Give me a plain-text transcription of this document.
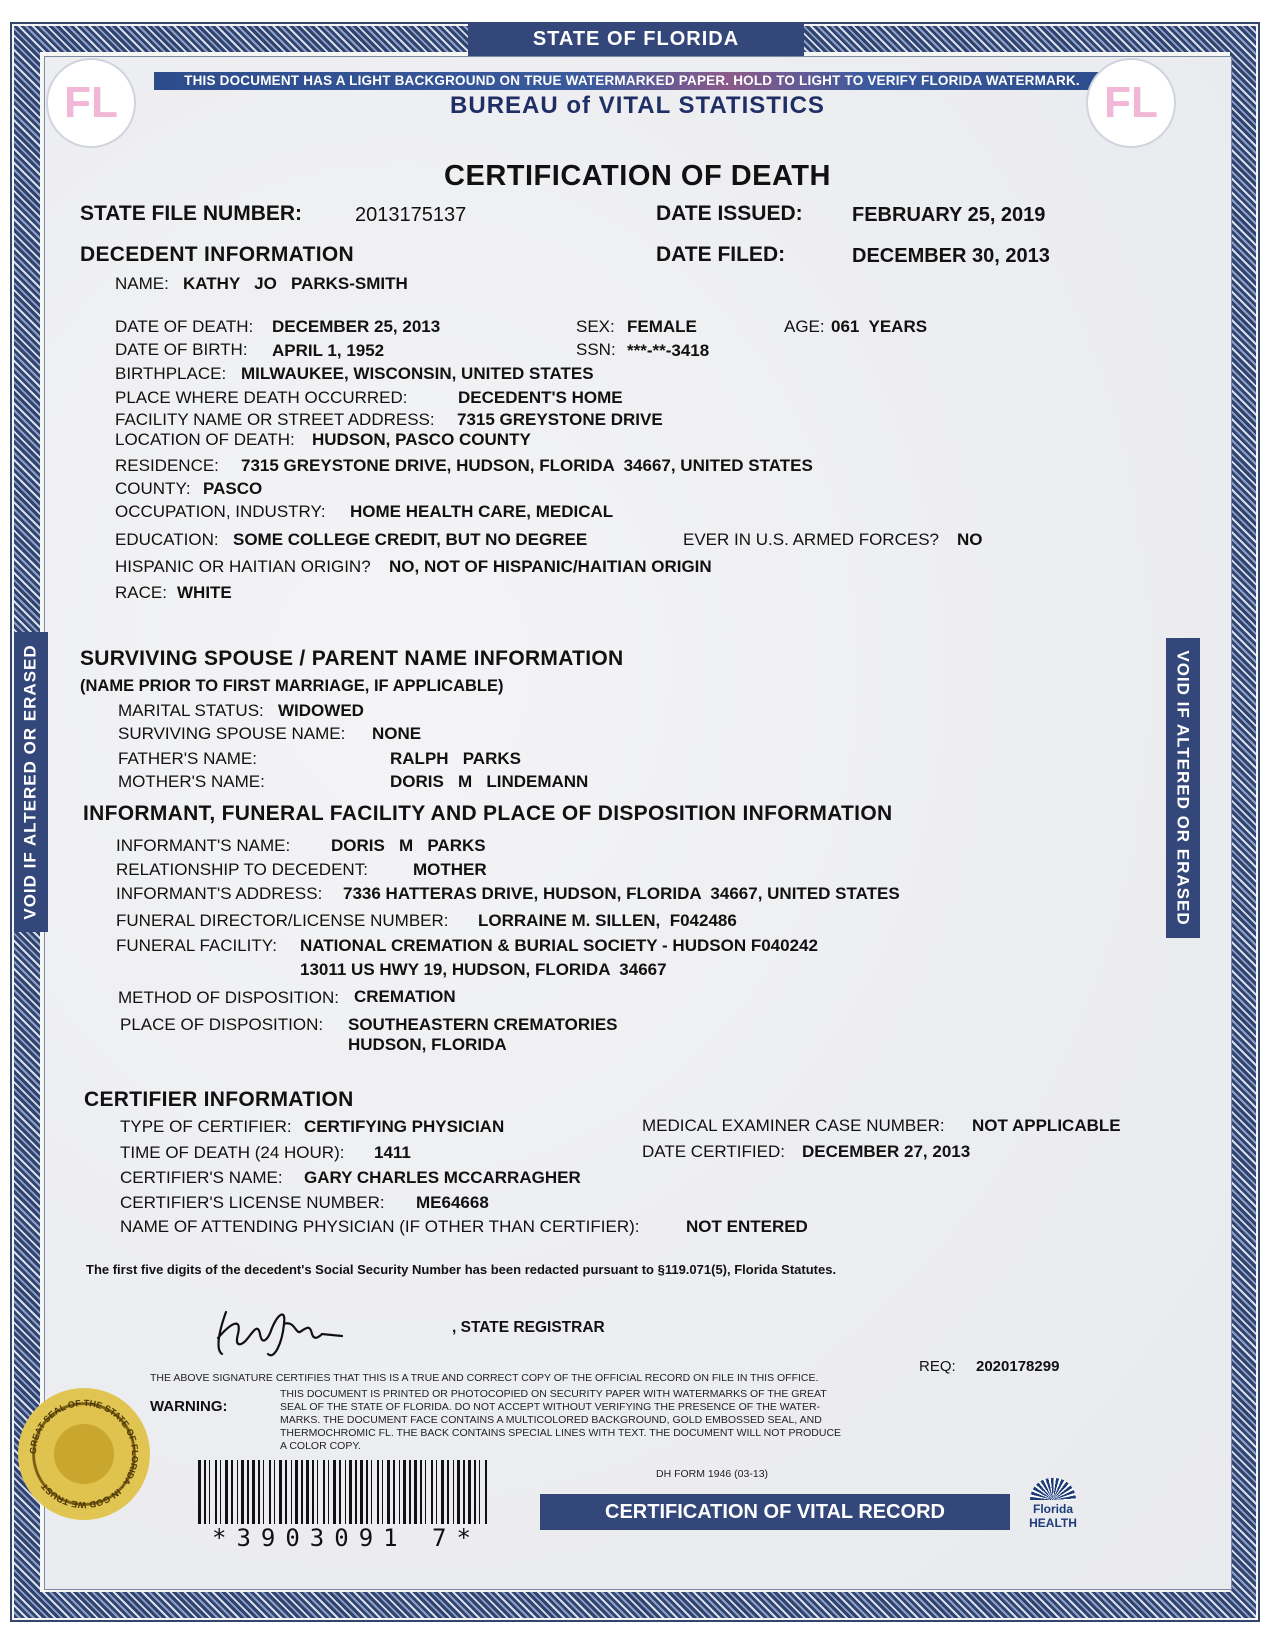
STATE OF FLORIDA
THIS DOCUMENT HAS A LIGHT BACKGROUND ON TRUE WATERMARKED PAPER. HOLD TO LIGHT TO VERIFY FLORIDA WATERMARK.
BUREAU of VITAL STATISTICS
FL	FL
CERTIFICATION OF DEATH
STATE FILE NUMBER:	2013175137	DATE ISSUED: FEBRUARY 25, 2019
DATE FILED:	DECEMBER 30, 2013
DECEDENT INFORMATION
NAME: KATHY   JO   PARKS-SMITH
DATE OF DEATH: DECEMBER 25, 2013	SEX: FEMALE	AGE: 061  YEARS
DATE OF BIRTH: APRIL 1, 1952	SSN: ***-**-3418
BIRTHPLACE: MILWAUKEE, WISCONSIN, UNITED STATES
PLACE WHERE DEATH OCCURRED:	DECEDENT'S HOME
FACILITY NAME OR STREET ADDRESS: 7315 GREYSTONE DRIVE
LOCATION OF DEATH: HUDSON, PASCO COUNTY
RESIDENCE: 7315 GREYSTONE DRIVE, HUDSON, FLORIDA  34667, UNITED STATES
COUNTY: PASCO
OCCUPATION, INDUSTRY: HOME HEALTH CARE, MEDICAL
EDUCATION: SOME COLLEGE CREDIT, BUT NO DEGREE	EVER IN U.S. ARMED FORCES? NO
HISPANIC OR HAITIAN ORIGIN? NO, NOT OF HISPANIC/HAITIAN ORIGIN
RACE: WHITE
SURVIVING SPOUSE / PARENT NAME INFORMATION
(NAME PRIOR TO FIRST MARRIAGE, IF APPLICABLE)
MARITAL STATUS: WIDOWED
SURVIVING SPOUSE NAME: NONE
FATHER'S NAME:	RALPH   PARKS
MOTHER'S NAME:	DORIS   M   LINDEMANN
INFORMANT, FUNERAL FACILITY AND PLACE OF DISPOSITION INFORMATION
INFORMANT'S NAME: DORIS   M   PARKS
RELATIONSHIP TO DECEDENT:	MOTHER
INFORMANT'S ADDRESS: 7336 HATTERAS DRIVE, HUDSON, FLORIDA  34667, UNITED STATES
FUNERAL DIRECTOR/LICENSE NUMBER: LORRAINE M. SILLEN,  F042486
FUNERAL FACILITY: NATIONAL CREMATION & BURIAL SOCIETY - HUDSON F040242
13011 US HWY 19, HUDSON, FLORIDA  34667
METHOD OF DISPOSITION: CREMATION
PLACE OF DISPOSITION: SOUTHEASTERN CREMATORIES
HUDSON, FLORIDA
CERTIFIER INFORMATION
TYPE OF CERTIFIER: CERTIFYING PHYSICIAN	MEDICAL EXAMINER CASE NUMBER: NOT APPLICABLE
TIME OF DEATH (24 HOUR): 1411	DATE CERTIFIED: DECEMBER 27, 2013
CERTIFIER'S NAME: GARY CHARLES MCCARRAGHER
CERTIFIER'S LICENSE NUMBER: ME64668
NAME OF ATTENDING PHYSICIAN (IF OTHER THAN CERTIFIER):	NOT ENTERED
VOID IF ALTERED OR ERASED	VOID IF ALTERED OR ERASED
The first five digits of the decedent's Social Security Number has been redacted pursuant to §119.071(5), Florida Statutes.
, STATE REGISTRAR
REQ: 2020178299
THE ABOVE SIGNATURE CERTIFIES THAT THIS IS A TRUE AND CORRECT COPY OF THE OFFICIAL RECORD ON FILE IN THIS OFFICE.
WARNING:
THIS DOCUMENT IS PRINTED OR PHOTOCOPIED ON SECURITY PAPER WITH WATERMARKS OF THE GREAT
SEAL OF THE STATE OF FLORIDA. DO NOT ACCEPT WITHOUT VERIFYING THE PRESENCE OF THE WATER-
MARKS. THE DOCUMENT FACE CONTAINS A MULTICOLORED BACKGROUND, GOLD EMBOSSED SEAL, AND
THERMOCHROMIC FL. THE BACK CONTAINS SPECIAL LINES WITH TEXT. THE DOCUMENT WILL NOT PRODUCE
A COLOR COPY.
DH FORM 1946 (03-13)
GREAT SEAL OF THE STATE OF FLORIDA · IN GOD WE TRUST
*3903091 7*
CERTIFICATION OF VITAL RECORD	Florida HEALTH
